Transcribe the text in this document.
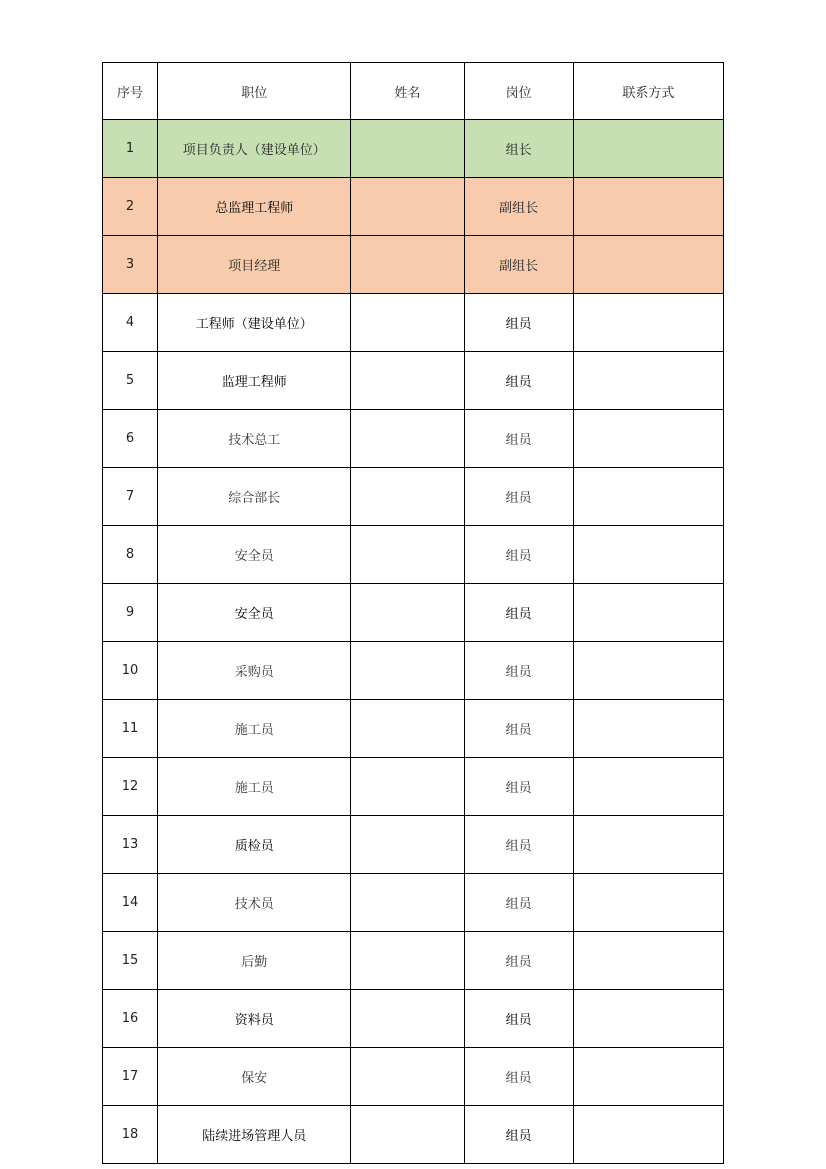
序号	职位	姓名	岗位	联系方式
1	项目负责人（建设单位）		组长	
2	总监理工程师		副组长	
3	项目经理		副组长	
4	工程师（建设单位）		组员	
5	监理工程师		组员	
6	技术总工		组员	
7	综合部长		组员	
8	安全员		组员	
9	安全员		组员	
10	采购员		组员	
11	施工员		组员	
12	施工员		组员	
13	质检员		组员	
14	技术员		组员	
15	后勤		组员	
16	资料员		组员	
17	保安		组员	
18	陆续进场管理人员		组员	
